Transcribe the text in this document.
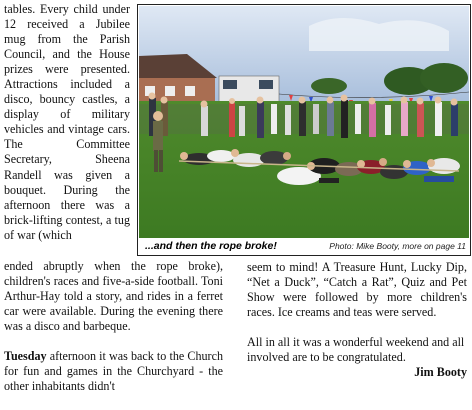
tables. Every child under 12 received a Jubilee mug from the Parish Council, and the House prizes were presented. Attractions included a disco, bouncy castles, a display of military vehicles and vintage cars. The Committee Secretary, Sheena Randell was given a bouquet. During the afternoon there was a brick-lifting contest, a tug of war (which

...and then the rope broke!	Photo: Mike Booty, more on page 11

ended abruptly when the rope broke), children's races and five-a-side football. Toni Arthur-Hay told a story, and rides in a ferret car were available. During the evening there was a disco and barbeque.

Tuesday afternoon it was back to the Church for fun and games in the Churchyard - the other inhabitants didn't

seem to mind! A Treasure Hunt, Lucky Dip, “Net a Duck”, “Catch a Rat”, Quiz and Pet Show were followed by more children's races. Ice creams and teas were served.

All in all it was a wonderful weekend and all involved are to be congratulated.

Jim Booty
